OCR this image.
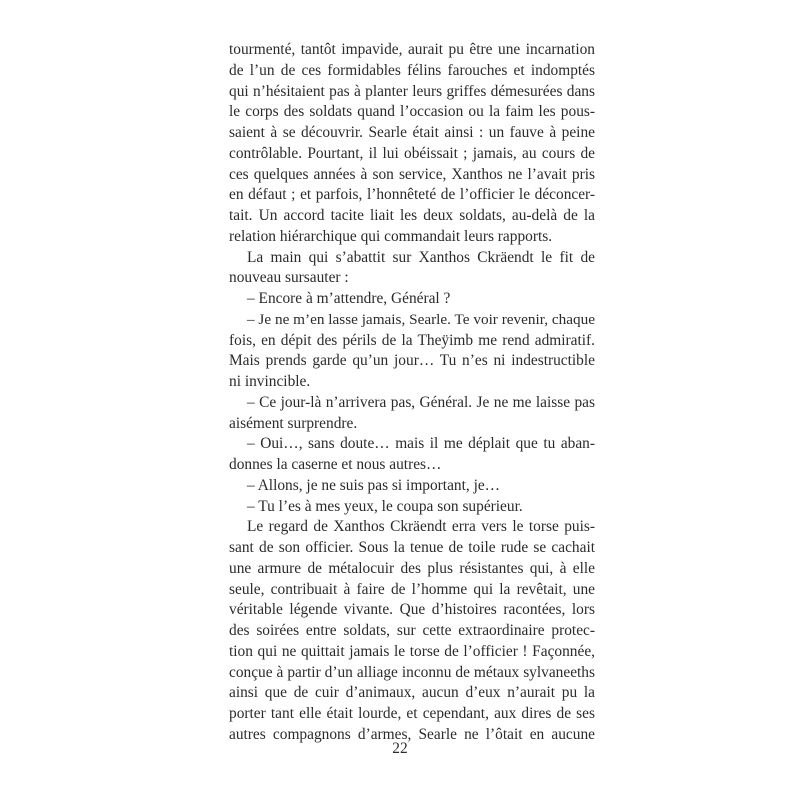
tourmenté, tantôt impavide, aurait pu être une incarnation
de l’un de ces formidables félins farouches et indomptés
qui n’hésitaient pas à planter leurs griffes démesurées dans
le corps des soldats quand l’occasion ou la faim les pous-
saient à se découvrir. Searle était ainsi : un fauve à peine
contrôlable. Pourtant, il lui obéissait ; jamais, au cours de
ces quelques années à son service, Xanthos ne l’avait pris
en défaut ; et parfois, l’honnêteté de l’officier le déconcer-
tait. Un accord tacite liait les deux soldats, au-delà de la
relation hiérarchique qui commandait leurs rapports.
La main qui s’abattit sur Xanthos Ckräendt le fit de
nouveau sursauter :
– Encore à m’attendre, Général ?
– Je ne m’en lasse jamais, Searle. Te voir revenir, chaque
fois, en dépit des périls de la Theÿimb me rend admiratif.
Mais prends garde qu’un jour… Tu n’es ni indestructible
ni invincible.
– Ce jour-là n’arrivera pas, Général. Je ne me laisse pas
aisément surprendre.
– Oui…, sans doute… mais il me déplait que tu aban-
donnes la caserne et nous autres…
– Allons, je ne suis pas si important, je…
– Tu l’es à mes yeux, le coupa son supérieur.
Le regard de Xanthos Ckräendt erra vers le torse puis-
sant de son officier. Sous la tenue de toile rude se cachait
une armure de métalocuir des plus résistantes qui, à elle
seule, contribuait à faire de l’homme qui la revêtait, une
véritable légende vivante. Que d’histoires racontées, lors
des soirées entre soldats, sur cette extraordinaire protec-
tion qui ne quittait jamais le torse de l’officier ! Façonnée,
conçue à partir d’un alliage inconnu de métaux sylvaneeths
ainsi que de cuir d’animaux, aucun d’eux n’aurait pu la
porter tant elle était lourde, et cependant, aux dires de ses
autres compagnons d’armes, Searle ne l’ôtait en aucune
22
